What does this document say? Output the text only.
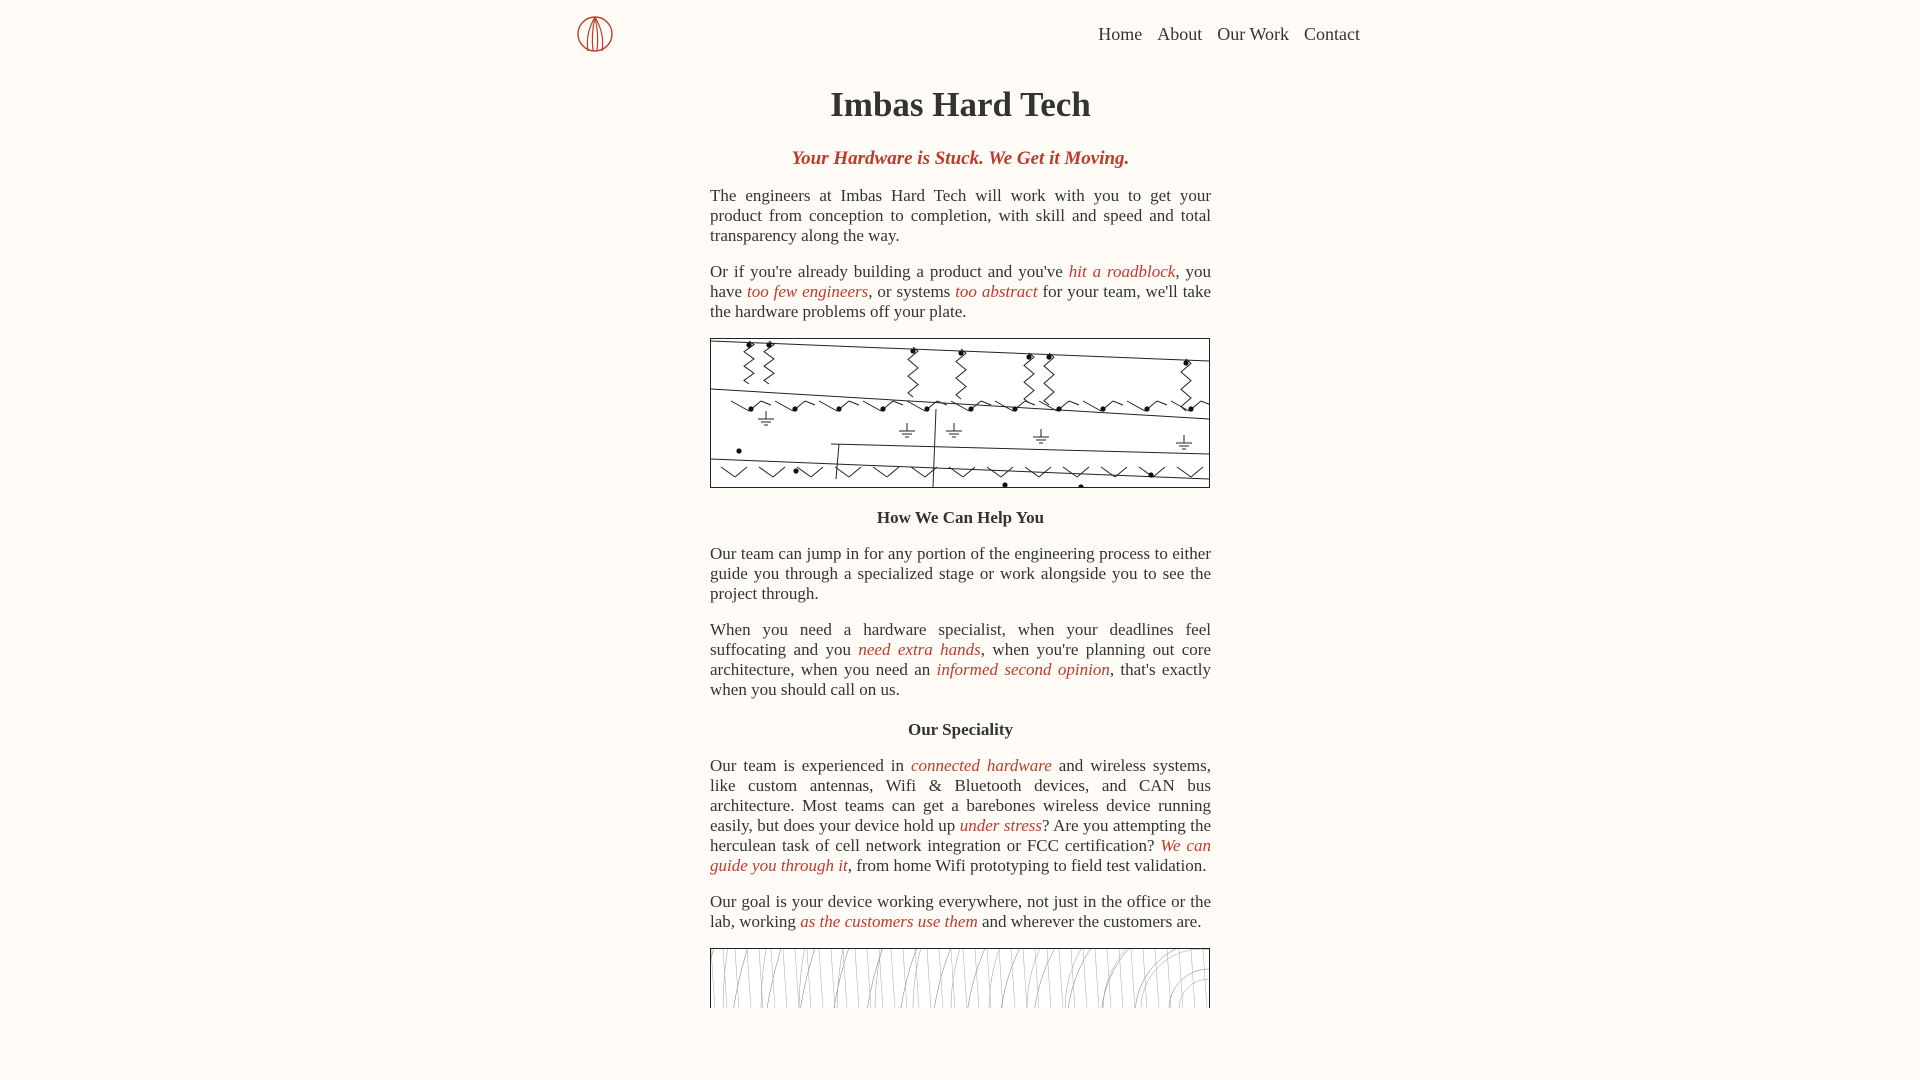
Home About Our Work Contact
Imbas Hard Tech
Your Hardware is Stuck. We Get it Moving.

The engineers at Imbas Hard Tech will work with you to get your product from conception to completion, with skill and speed and total transparency along the way.

Or if you're already building a product and you've hit a roadblock, you have too few engineers, or systems too abstract for your team, we'll take the hardware problems off your plate.

How We Can Help You

Our team can jump in for any portion of the engineering process to either guide you through a specialized stage or work alongside you to see the project through.

When you need a hardware specialist, when your deadlines feel suffocating and you need extra hands, when you're planning out core architecture, when you need an informed second opinion, that's exactly when you should call on us.

Our Speciality

Our team is experienced in connected hardware and wireless systems, like custom antennas, Wifi & Bluetooth devices, and CAN bus architecture. Most teams can get a barebones wireless device running easily, but does your device hold up under stress? Are you attempting the herculean task of cell network integration or FCC certification? We can guide you through it, from home Wifi prototyping to field test validation.

Our goal is your device working everywhere, not just in the office or the lab, working as the customers use them and wherever the customers are.
